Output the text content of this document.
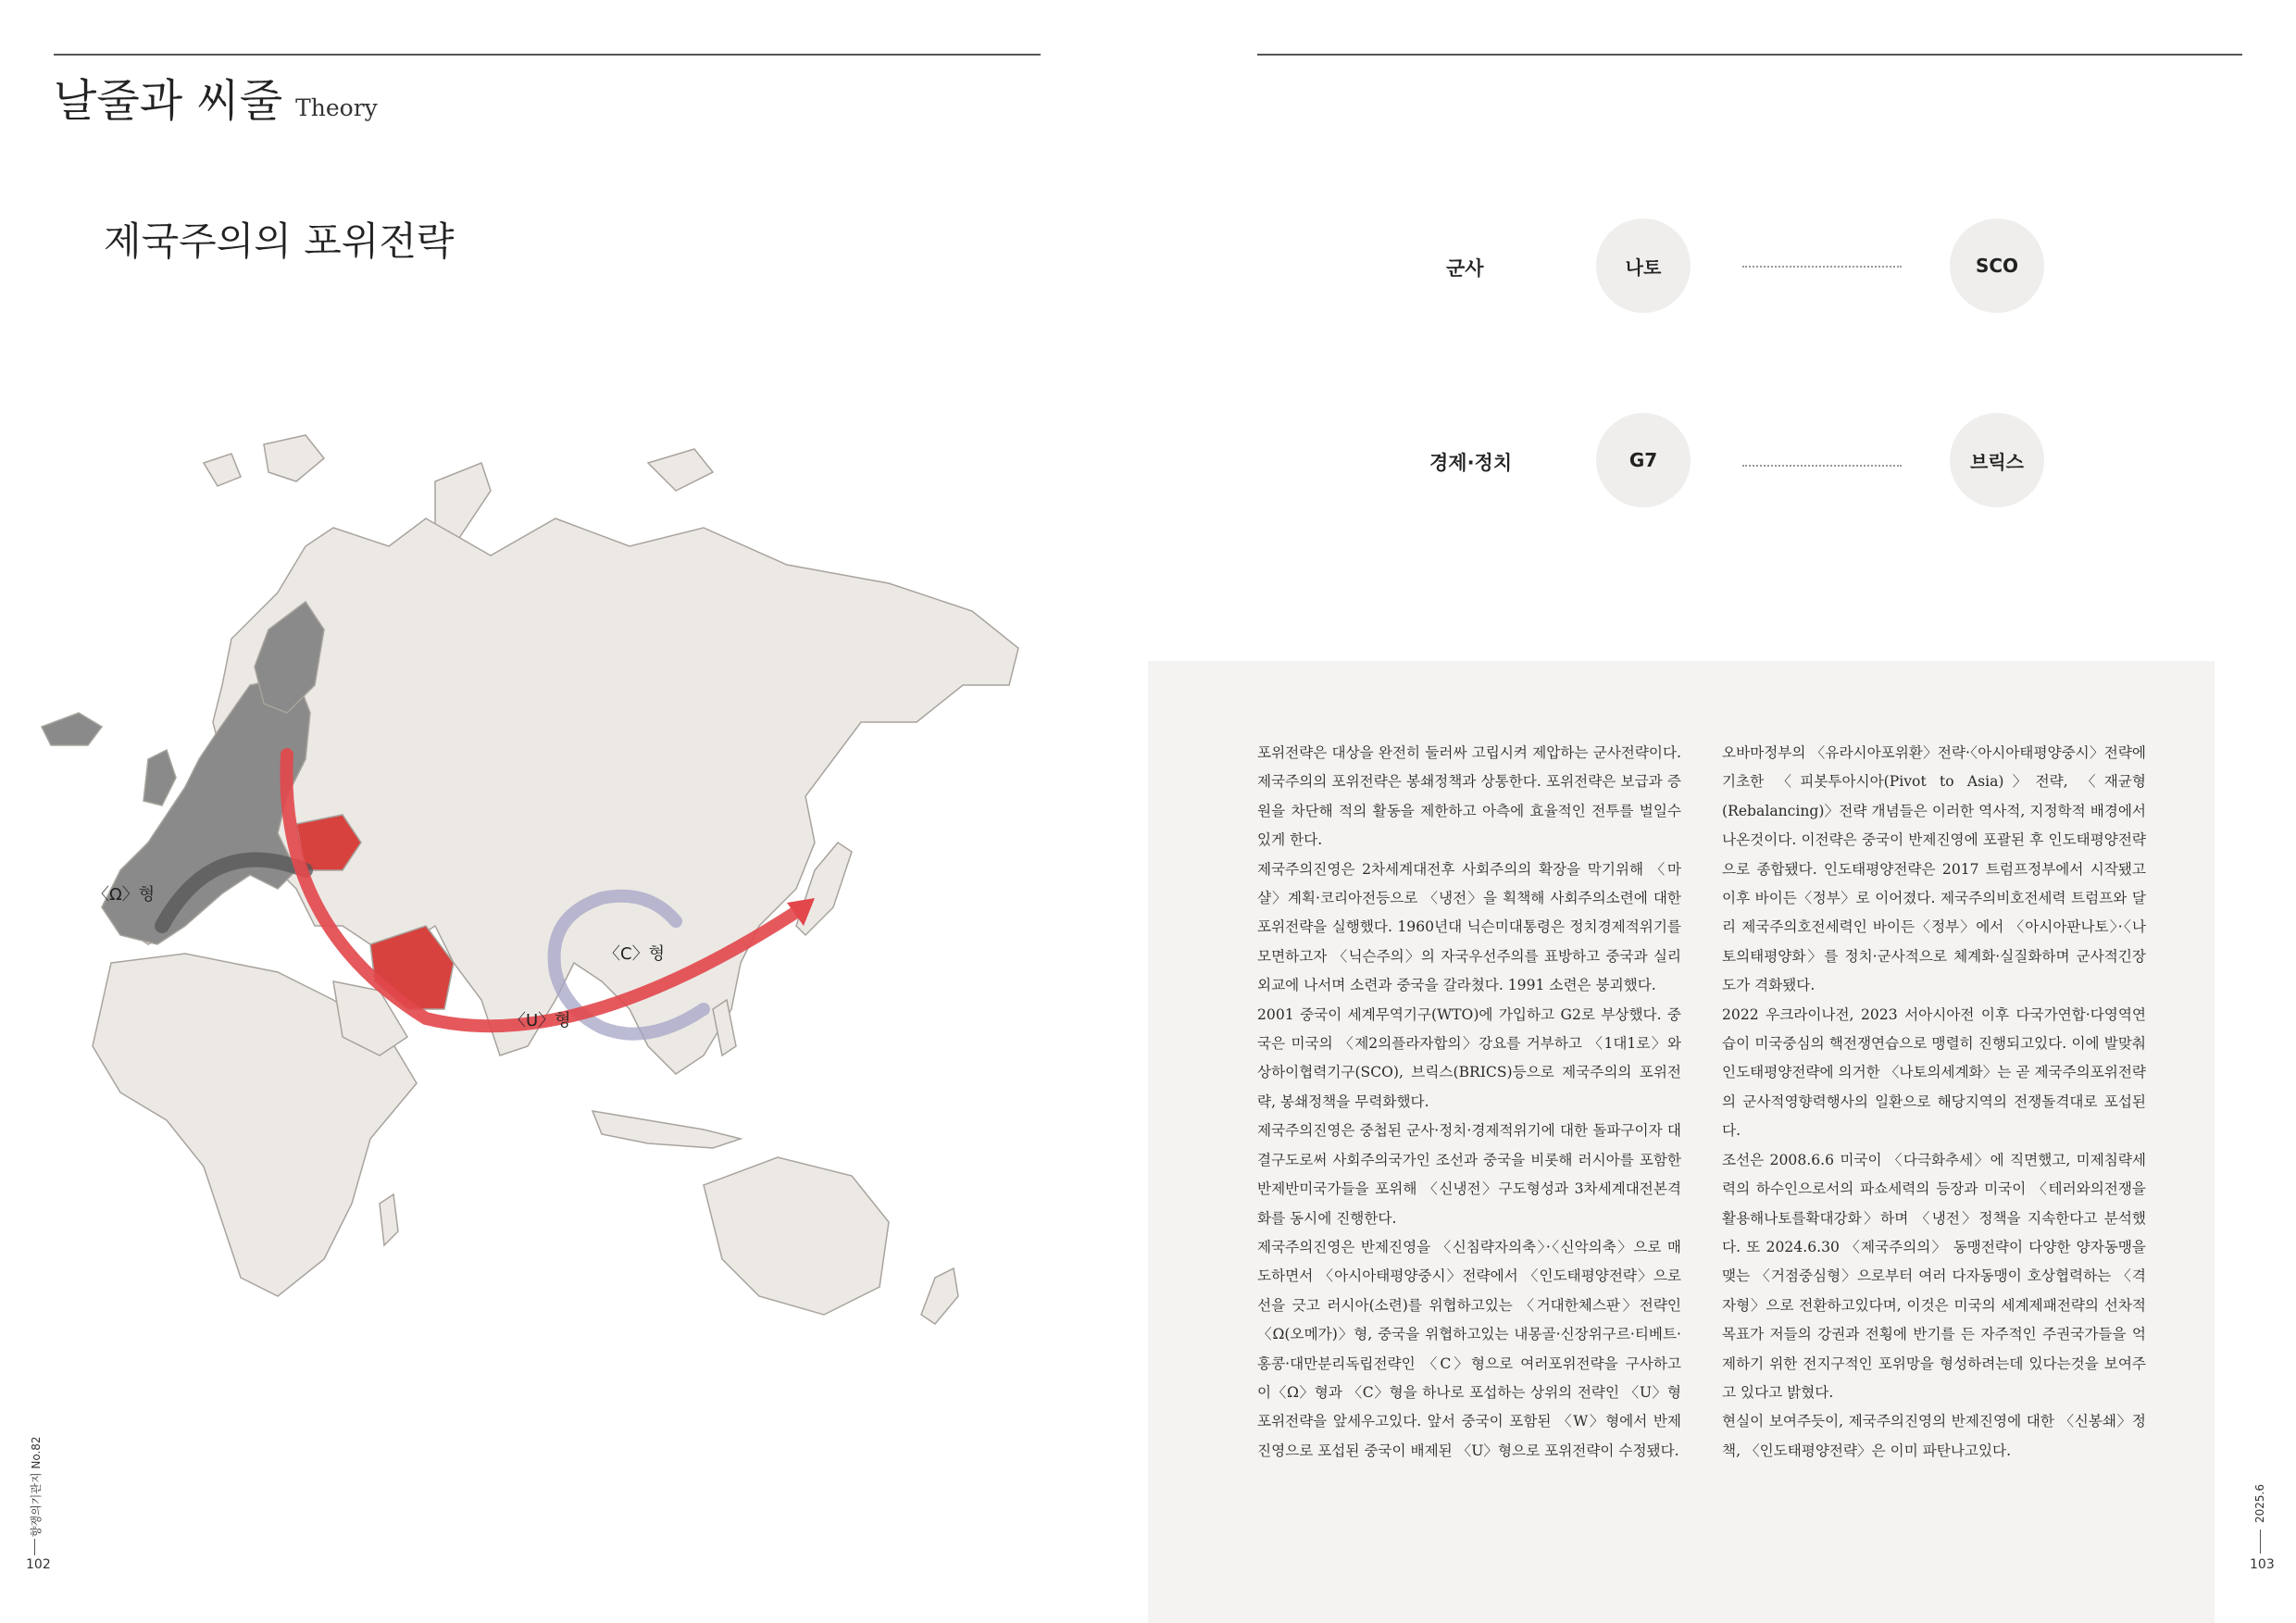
날줄과 씨줄 Theory
제국주의의 포위전략
〈Ω〉형
〈C〉형
〈U〉형
향쟁의기관지 No.82
102
군사	나토	SCO
경제·정치	G7	브릭스

포위전략은 대상을 완전히 둘러싸 고립시켜 제압하는 군사전략이다. 제국주의의 포위전략은 봉쇄정책과 상통한다. 포위전략은 보급과 증원을 차단해 적의 활동을 제한하고 아측에 효율적인 전투를 벌일수 있게 한다.

제국주의진영은 2차세계대전후 사회주의의 확장을 막기위해 〈마샬〉계획·코리아전등으로 〈냉전〉을 획책해 사회주의소련에 대한 포위전략을 실행했다. 1960년대 닉슨미대통령은 정치경제적위기를 모면하고자 〈닉슨주의〉의 자국우선주의를 표방하고 중국과 실리외교에 나서며 소련과 중국을 갈라쳤다. 1991 소련은 붕괴했다.

2001 중국이 세계무역기구(WTO)에 가입하고 G2로 부상했다. 중국은 미국의 〈제2의플라자합의〉강요를 거부하고 〈1대1로〉와 상하이협력기구(SCO), 브릭스(BRICS)등으로 제국주의의 포위전략, 봉쇄정책을 무력화했다.

제국주의진영은 중첩된 군사·정치·경제적위기에 대한 돌파구이자 대결구도로써 사회주의국가인 조선과 중국을 비롯해 러시아를 포함한 반제반미국가들을 포위해 〈신냉전〉구도형성과 3차세계대전본격화를 동시에 진행한다.

제국주의진영은 반제진영을 〈신침략자의축〉·〈신악의축〉으로 매도하면서 〈아시아태평양중시〉전략에서 〈인도태평양전략〉으로 선을 긋고 러시아(소련)를 위협하고있는 〈거대한체스판〉전략인 〈Ω(오메가)〉형, 중국을 위협하고있는 내몽골·신장위구르·티베트·홍콩·대만분리독립전략인 〈C〉형으로 여러포위전략을 구사하고 이〈Ω〉형과 〈C〉형을 하나로 포섭하는 상위의 전략인 〈U〉형포위전략을 앞세우고있다. 앞서 중국이 포함된 〈W〉형에서 반제진영으로 포섭된 중국이 배제된 〈U〉형으로 포위전략이 수정됐다.

오바마정부의 〈유라시아포위환〉전략·〈아시아태평양중시〉전략에 기초한 〈피봇투아시아(Pivot to Asia)〉전략, 〈재균형(Rebalancing)〉전략 개념들은 이러한 역사적, 지정학적 배경에서 나온것이다. 이전략은 중국이 반제진영에 포괄된 후 인도태평양전략으로 종합됐다. 인도태평양전략은 2017 트럼프정부에서 시작됐고 이후 바이든〈정부〉로 이어졌다. 제국주의비호전세력 트럼프와 달리 제국주의호전세력인 바이든〈정부〉에서 〈아시아판나토〉·〈나토의태평양화〉를 정치·군사적으로 체계화·실질화하며 군사적긴장도가 격화됐다.

2022 우크라이나전, 2023 서아시아전 이후 다국가연합·다영역연습이 미국중심의 핵전쟁연습으로 맹렬히 진행되고있다. 이에 발맞춰 인도태평양전략에 의거한 〈나토의세계화〉는 곧 제국주의포위전략의 군사적영향력행사의 일환으로 해당지역의 전쟁돌격대로 포섭된다.

조선은 2008.6.6 미국이 〈다극화추세〉에 직면했고, 미제침략세력의 하수인으로서의 파쇼세력의 등장과 미국이 〈테러와의전쟁을활용해나토를확대강화〉하며 〈냉전〉정책을 지속한다고 분석했다. 또 2024.6.30 〈제국주의의〉 동맹전략이 다양한 양자동맹을 맺는 〈거점중심형〉으로부터 여러 다자동맹이 호상협력하는 〈격자형〉으로 전환하고있다며, 이것은 미국의 세계제패전략의 선차적목표가 저들의 강권과 전횡에 반기를 든 자주적인 주권국가들을 억제하기 위한 전지구적인 포위망을 형성하려는데 있다는것을 보여주고 있다고 밝혔다.

현실이 보여주듯이, 제국주의진영의 반제진영에 대한 〈신봉쇄〉정책, 〈인도태평양전략〉은 이미 파탄나고있다.

2025.6
103
